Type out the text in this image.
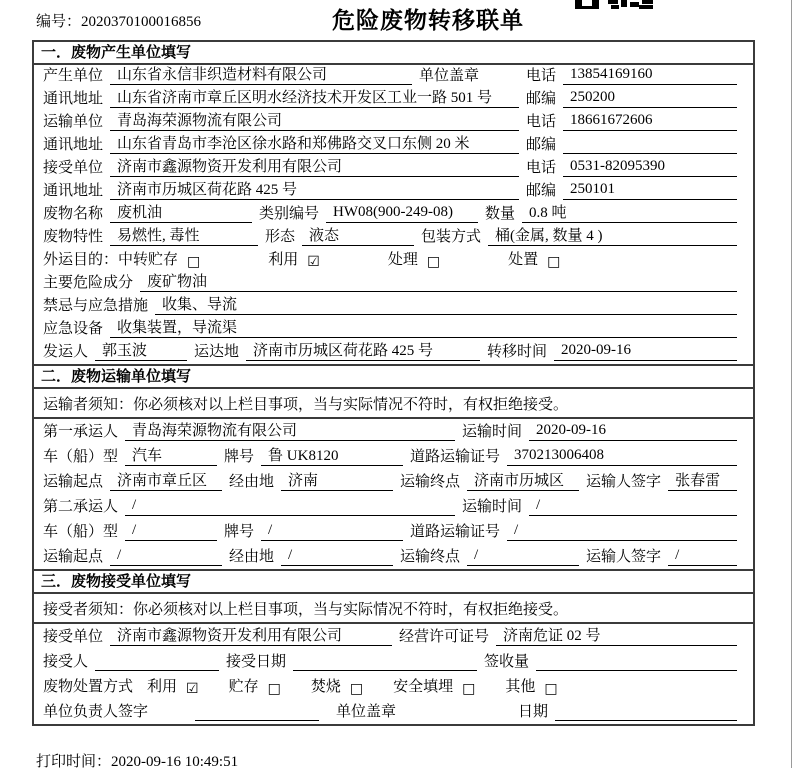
编号：2020370100016856	危险废物转移联单
一．废物产生单位填写
产生单位 山东省永信非织造材料有限公司	单位盖章	电话 13854169160
通讯地址 山东省济南市章丘区明水经济技术开发区工业一路 501 号	邮编 250200
运输单位 青岛海荣源物流有限公司	电话 18661672606
通讯地址 山东省青岛市李沧区徐水路和郑佛路交叉口东侧 20 米	邮编
接受单位 济南市鑫源物资开发利用有限公司	电话 0531-82095390
通讯地址 济南市历城区荷花路 425 号	邮编 250101
废物名称 废机油	类别编号 HW08(900-249-08)	数量 0.8 吨
废物特性 易燃性, 毒性	形态 液态	包装方式 桶(金属, 数量 4 )
外运目的： 中转贮存 □	利用 ☑	处理 □	处置 □
主要危险成分 废矿物油
禁忌与应急措施 收集、导流
应急设备 收集装置，导流渠
发运人 郭玉波	运达地 济南市历城区荷花路 425 号	转移时间 2020-09-16
二．废物运输单位填写
运输者须知：你必须核对以上栏目事项，当与实际情况不符时，有权拒绝接受。
第一承运人 青岛海荣源物流有限公司	运输时间 2020-09-16
车（船）型 汽车	牌号 鲁 UK8120	道路运输证号 370213006408
运输起点 济南市章丘区	经由地 济南	运输终点 济南市历城区	运输人签字 张春雷
第二承运人 /	运输时间 /
车（船）型 /	牌号 /	道路运输证号 /
运输起点 /	经由地 /	运输终点 /	运输人签字 /
三．废物接受单位填写
接受者须知：你必须核对以上栏目事项，当与实际情况不符时，有权拒绝接受。
接受单位 济南市鑫源物资开发利用有限公司	经营许可证号 济南危证 02 号
接受人	接受日期	签收量
废物处置方式 利用 ☑ 贮存 □ 焚烧 □ 安全填埋 □ 其他 □
单位负责人签字	单位盖章	日期
打印时间：2020-09-16 10:49:51
